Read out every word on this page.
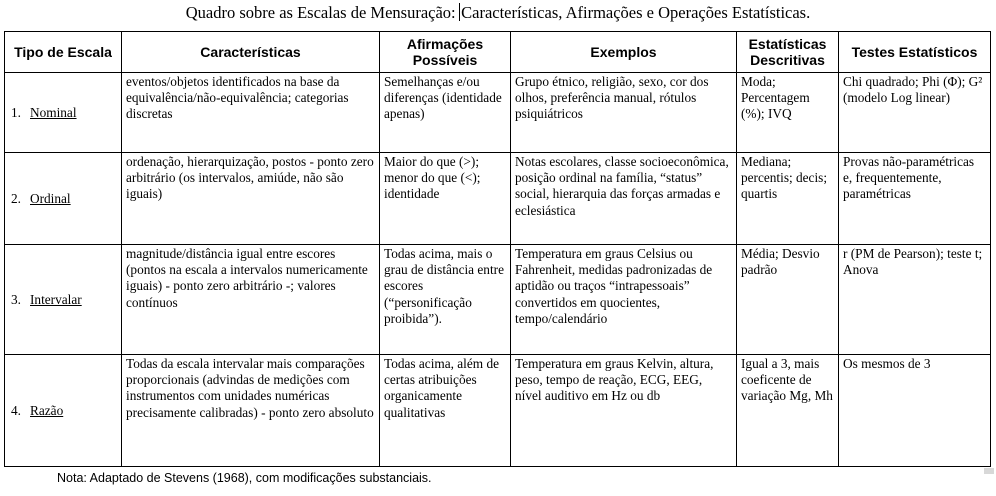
Quadro sobre as Escalas de Mensuração: Características, Afirmações e Operações Estatísticas.
Tipo de Escala	Características	Afirmações Possíveis	Exemplos	Estatísticas Descritivas	Testes Estatísticos
1. Nominal	eventos/objetos identificados na base da equivalência/não-equivalência; categorias discretas	Semelhanças e/ou diferenças (identidade apenas)	Grupo étnico, religião, sexo, cor dos olhos, preferência manual, rótulos psiquiátricos	Moda; Percentagem (%); IVQ	Chi quadrado; Phi (Φ); G² (modelo Log linear)
2. Ordinal	ordenação, hierarquização, postos - ponto zero arbitrário (os intervalos, amiúde, não são iguais)	Maior do que (>); menor do que (<); identidade	Notas escolares, classe socioeconômica, posição ordinal na família, “status” social, hierarquia das forças armadas e eclesiástica	Mediana; percentis; decis; quartis	Provas não-paramétricas e, frequentemente, paramétricas
3. Intervalar	magnitude/distância igual entre escores (pontos na escala a intervalos numericamente iguais) - ponto zero arbitrário -; valores contínuos	Todas acima, mais o grau de distância entre escores (“personificação proibida”).	Temperatura em graus Celsius ou Fahrenheit, medidas padronizadas de aptidão ou traços “intrapessoais” convertidos em quocientes, tempo/calendário	Média; Desvio padrão	r (PM de Pearson); teste t; Anova
4. Razão	Todas da escala intervalar mais comparações proporcionais (advindas de medições com instrumentos com unidades numéricas precisamente calibradas) - ponto zero absoluto	Todas acima, além de certas atribuições organicamente qualitativas	Temperatura em graus Kelvin, altura, peso, tempo de reação, ECG, EEG, nível auditivo em Hz ou db	Igual a 3, mais coeficente de variação Mg, Mh	Os mesmos de 3
Nota: Adaptado de Stevens (1968), com modificações substanciais.
